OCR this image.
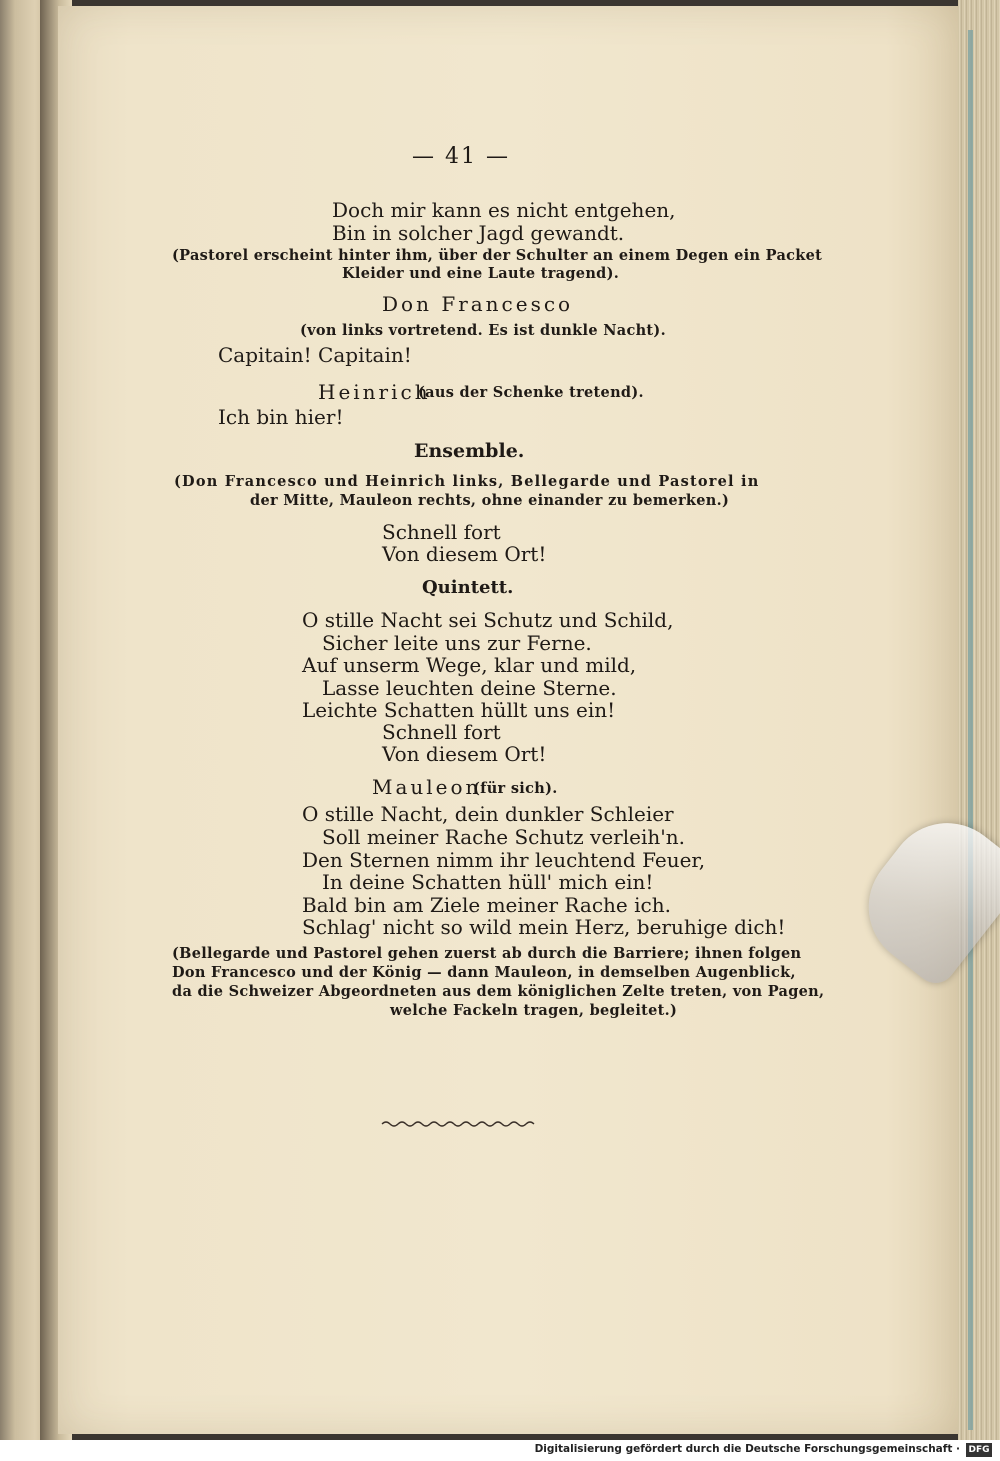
— 41 —
Doch mir kann es nicht entgehen,
Bin in solcher Jagd gewandt.
(Pastorel erscheint hinter ihm, über der Schulter an einem Degen ein Packet
Kleider und eine Laute tragend).
Don Francesco
(von links vortretend. Es ist dunkle Nacht).
Capitain! Capitain!
Heinrich
(aus der Schenke tretend).
Ich bin hier!
Ensemble.
(Don Francesco und Heinrich links, Bellegarde und Pastorel in
der Mitte, Mauleon rechts, ohne einander zu bemerken.)
Schnell fort
Von diesem Ort!
Quintett.
O stille Nacht sei Schutz und Schild,
Sicher leite uns zur Ferne.
Auf unserm Wege, klar und mild,
Lasse leuchten deine Sterne.
Leichte Schatten hüllt uns ein!
Schnell fort
Von diesem Ort!
Mauleon
(für sich).
O stille Nacht, dein dunkler Schleier
Soll meiner Rache Schutz verleih'n.
Den Sternen nimm ihr leuchtend Feuer,
In deine Schatten hüll' mich ein!
Bald bin am Ziele meiner Rache ich.
Schlag' nicht so wild mein Herz, beruhige dich!
(Bellegarde und Pastorel gehen zuerst ab durch die Barriere; ihnen folgen
Don Francesco und der König — dann Mauleon, in demselben Augenblick,
da die Schweizer Abgeordneten aus dem königlichen Zelte treten, von Pagen,
welche Fackeln tragen, begleitet.)
Digitalisierung gefördert durch die Deutsche Forschungsgemeinschaft · DFG
